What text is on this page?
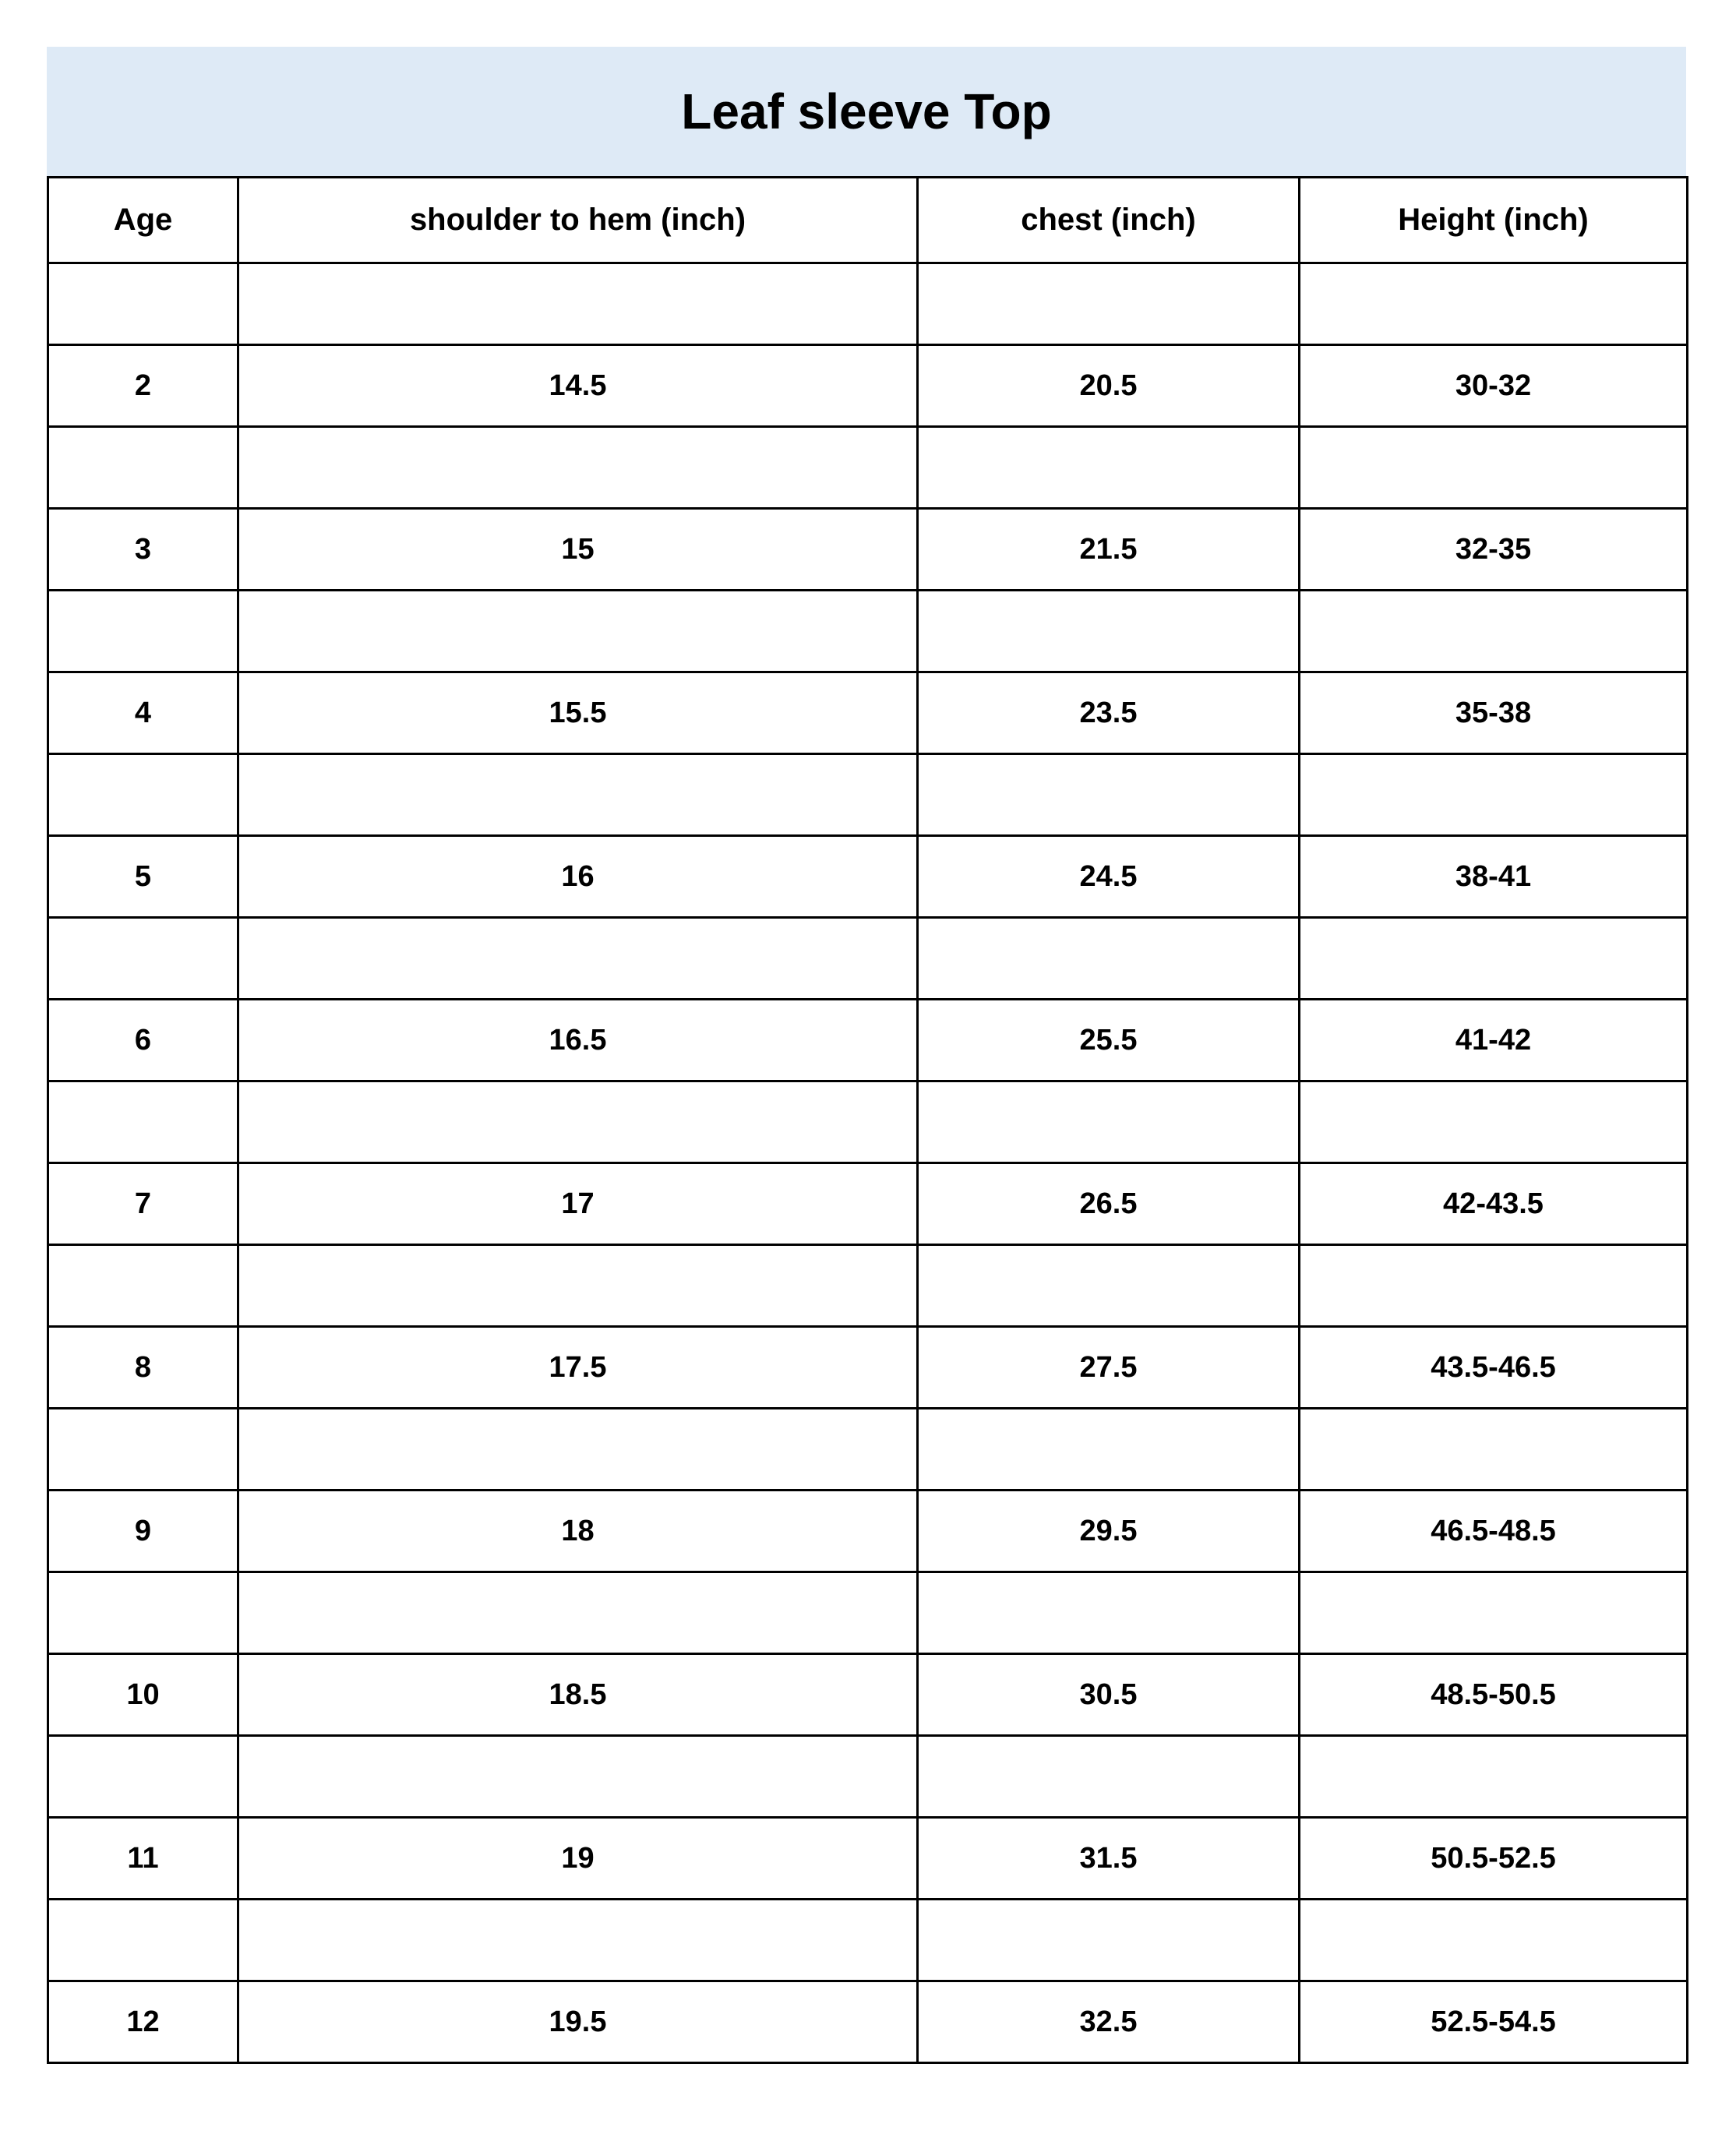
Leaf sleeve Top
Age	shoulder to hem (inch)	chest (inch)	Height (inch)

2	14.5	20.5	30-32

3	15	21.5	32-35

4	15.5	23.5	35-38

5	16	24.5	38-41

6	16.5	25.5	41-42

7	17	26.5	42-43.5

8	17.5	27.5	43.5-46.5

9	18	29.5	46.5-48.5

10	18.5	30.5	48.5-50.5

11	19	31.5	50.5-52.5

12	19.5	32.5	52.5-54.5
